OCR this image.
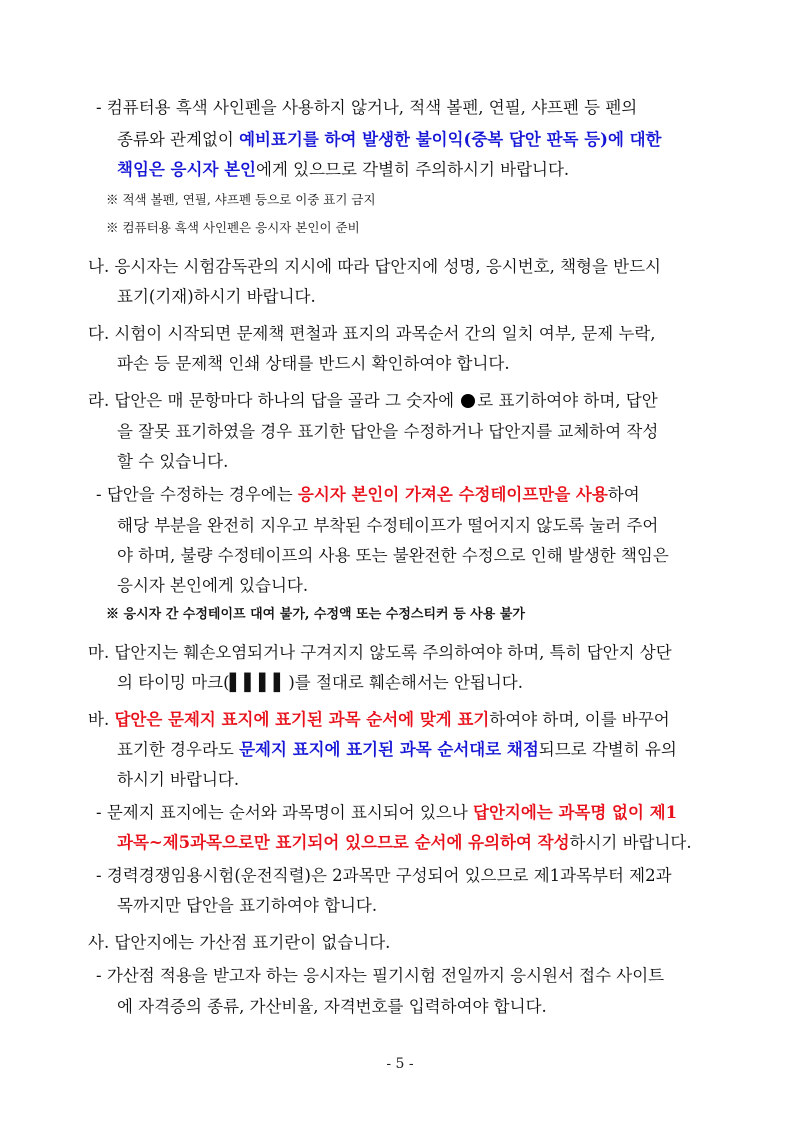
- 컴퓨터용 흑색 사인펜을 사용하지 않거나, 적색 볼펜, 연필, 샤프펜 등 펜의
종류와 관계없이 예비표기를 하여 발생한 불이익(중복 답안 판독 등)에 대한
책임은 응시자 본인에게 있으므로 각별히 주의하시기 바랍니다.
※ 적색 볼펜, 연필, 샤프펜 등으로 이중 표기 금지
※ 컴퓨터용 흑색 사인펜은 응시자 본인이 준비
나. 응시자는 시험감독관의 지시에 따라 답안지에 성명, 응시번호, 책형을 반드시
표기(기재)하시기 바랍니다.
다. 시험이 시작되면 문제책 편철과 표지의 과목순서 간의 일치 여부, 문제 누락,
파손 등 문제책 인쇄 상태를 반드시 확인하여야 합니다.
라. 답안은 매 문항마다 하나의 답을 골라 그 숫자에 로 표기하여야 하며, 답안
을 잘못 표기하였을 경우 표기한 답안을 수정하거나 답안지를 교체하여 작성
할 수 있습니다.
- 답안을 수정하는 경우에는 응시자 본인이 가져온 수정테이프만을 사용하여
해당 부분을 완전히 지우고 부착된 수정테이프가 떨어지지 않도록 눌러 주어
야 하며, 불량 수정테이프의 사용 또는 불완전한 수정으로 인해 발생한 책임은
응시자 본인에게 있습니다.
※ 응시자 간 수정테이프 대여 불가, 수정액 또는 수정스티커 등 사용 불가
마. 답안지는 훼손오염되거나 구겨지지 않도록 주의하여야 하며, 특히 답안지 상단
의 타이밍 마크(▌▌▌▌)를 절대로 훼손해서는 안됩니다.
바. 답안은 문제지 표지에 표기된 과목 순서에 맞게 표기하여야 하며, 이를 바꾸어
표기한 경우라도 문제지 표지에 표기된 과목 순서대로 채점되므로 각별히 유의
하시기 바랍니다.
- 문제지 표지에는 순서와 과목명이 표시되어 있으나 답안지에는 과목명 없이 제1
과목~제5과목으로만 표기되어 있으므로 순서에 유의하여 작성하시기 바랍니다.
- 경력경쟁임용시험(운전직렬)은 2과목만 구성되어 있으므로 제1과목부터 제2과
목까지만 답안을 표기하여야 합니다.
사. 답안지에는 가산점 표기란이 없습니다.
- 가산점 적용을 받고자 하는 응시자는 필기시험 전일까지 응시원서 접수 사이트
에 자격증의 종류, 가산비율, 자격번호를 입력하여야 합니다.
- 5 -
